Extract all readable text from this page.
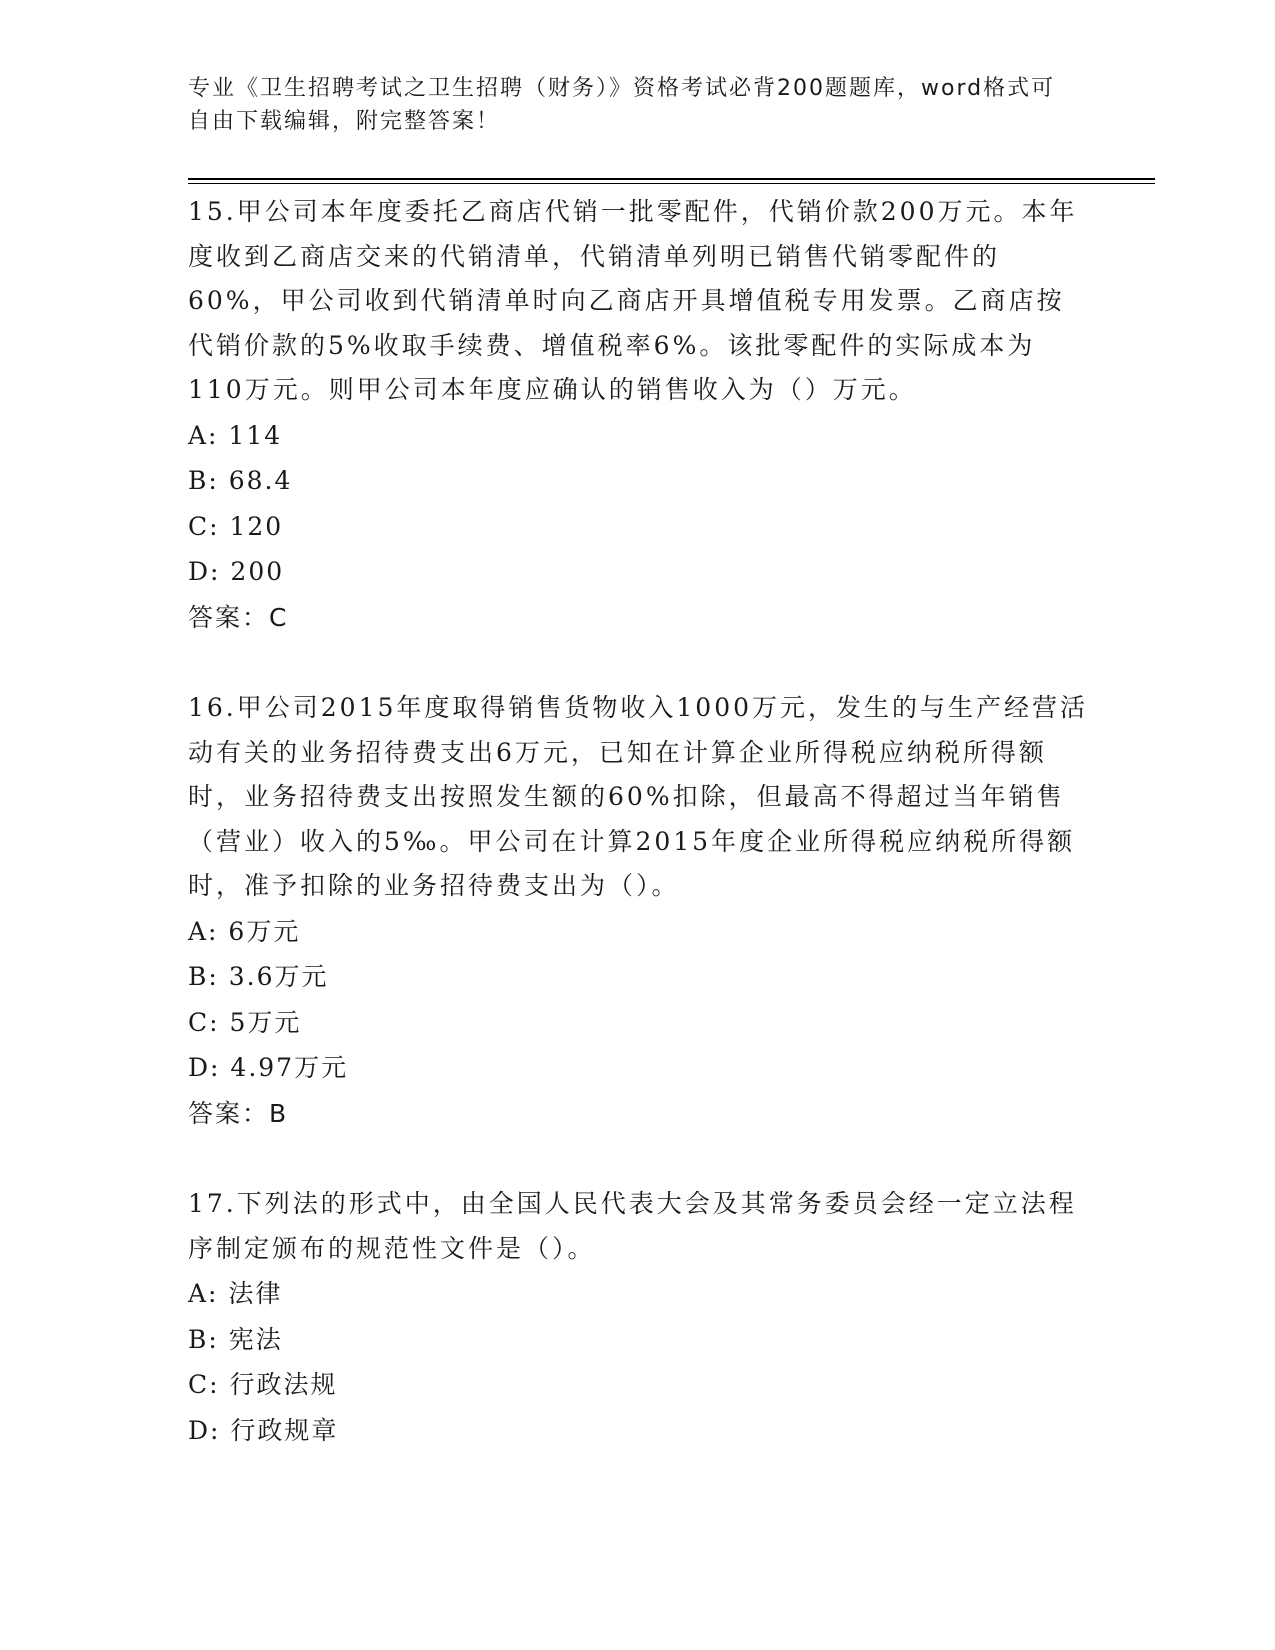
专业《卫生招聘考试之卫生招聘（财务）》资格考试必背200题题库，word格式可自由下载编辑，附完整答案！

15.甲公司本年度委托乙商店代销一批零配件，代销价款200万元。本年度收到乙商店交来的代销清单，代销清单列明已销售代销零配件的60%，甲公司收到代销清单时向乙商店开具增值税专用发票。乙商店按代销价款的5%收取手续费、增值税率6%。该批零配件的实际成本为110万元。则甲公司本年度应确认的销售收入为（）万元。

A: 114

B: 68.4

C: 120

D: 200

答案：C

16.甲公司2015年度取得销售货物收入1000万元，发生的与生产经营活动有关的业务招待费支出6万元，已知在计算企业所得税应纳税所得额时，业务招待费支出按照发生额的60%扣除，但最高不得超过当年销售（营业）收入的5‰。甲公司在计算2015年度企业所得税应纳税所得额时，准予扣除的业务招待费支出为（）。

A: 6万元

B: 3.6万元

C: 5万元

D: 4.97万元

答案：B

17.下列法的形式中，由全国人民代表大会及其常务委员会经一定立法程序制定颁布的规范性文件是（）。

A: 法律

B: 宪法

C: 行政法规

D: 行政规章
